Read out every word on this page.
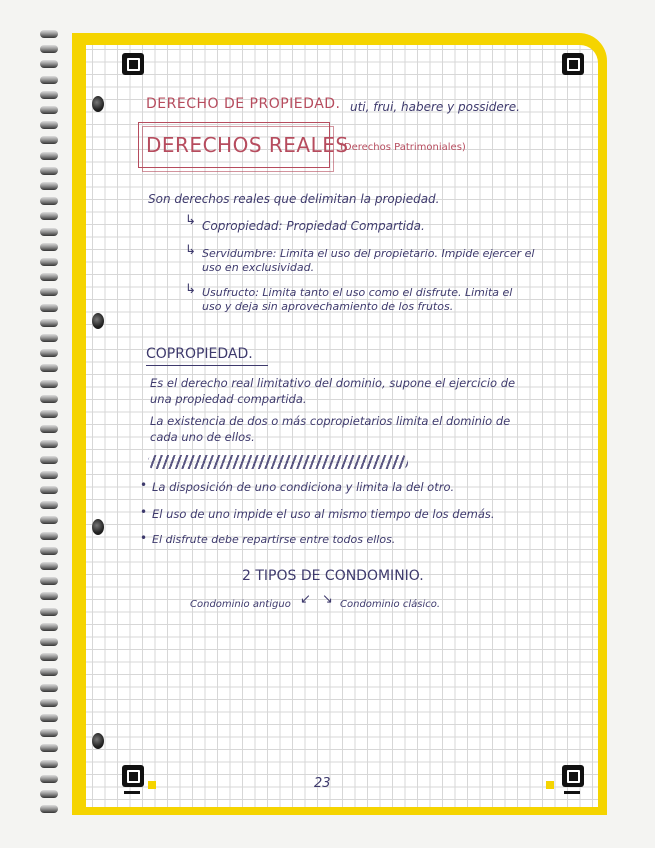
DERECHO DE PROPIEDAD. uti, frui, habere y possidere.
DERECHOS REALES
(Derechos Patrimoniales)
Son derechos reales que delimitan la propiedad.
↳ Copropiedad: Propiedad Compartida.
↳ Servidumbre: Limita el uso del propietario. Impide ejercer el
uso en exclusividad.
↳ Usufructo: Limita tanto el uso como el disfrute. Limita el
uso y deja sin aprovechamiento de los frutos.
COPROPIEDAD.
Es el derecho real limitativo del dominio, supone el ejercicio de
una propiedad compartida.
La existencia de dos o más copropietarios limita el dominio de
cada uno de ellos.
• La disposición de uno condiciona y limita la del otro.
• El uso de uno impide el uso al mismo tiempo de los demás.
• El disfrute debe repartirse entre todos ellos.
2 TIPOS DE CONDOMINIO.
↙ ↘
Condominio antiguo	Condominio clásico.
23
